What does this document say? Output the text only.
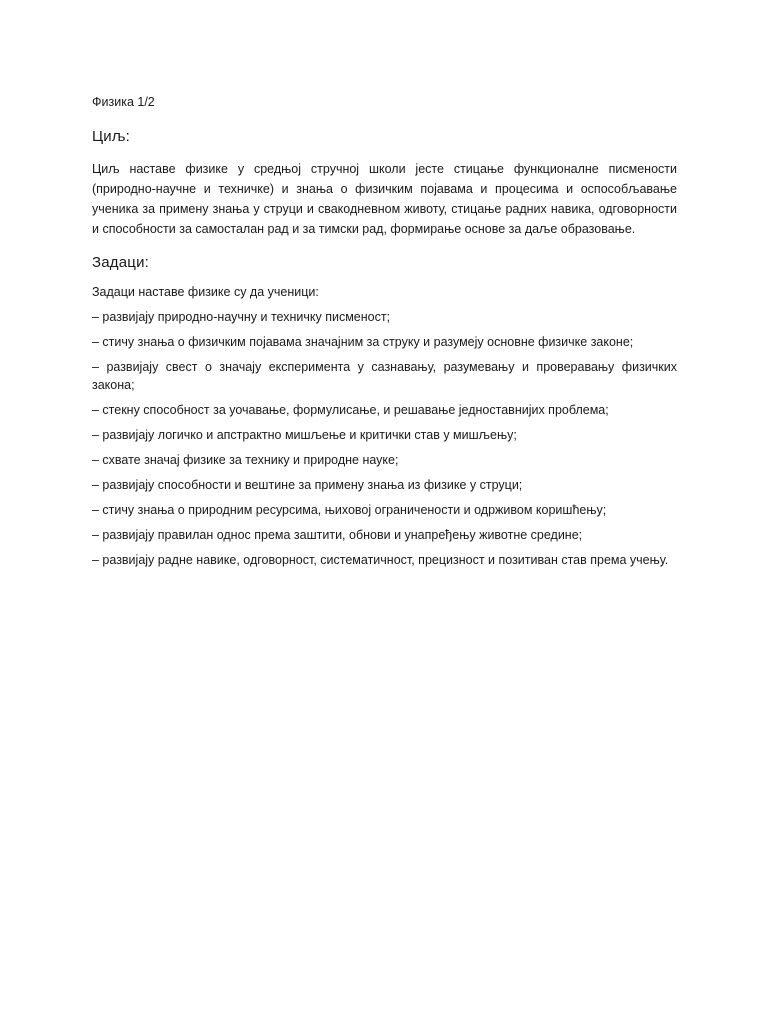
Физика 1/2
Циљ:

Циљ наставе физике у средњој стручној школи јесте стицање функционалне писмености (природно-научне и техничке) и знања о физичким појавама и процесима и оспособљавање ученика за примену знања у струци и свакодневном животу, стицање радних навика, одговорности и способности за самосталан рад и за тимски рад, формирање основе за даље образовање.

Задаци:

Задаци наставе физике су да ученици:

– развијају природно-научну и техничку писменост;
– стичу знања о физичким појавама значајним за струку и разумеју основне физичке законе;
– развијају свест о значају експеримента у сазнавању, разумевању и проверавању физичких закона;
– стекну способност за уочавање, формулисање, и решавање једноставнијих проблема;
– развијају логичко и апстрактно мишљење и критички став у мишљењу;
– схвате значај физике за технику и природне науке;
– развијају способности и вештине за примену знања из физике у струци;
– стичу знања о природним ресурсима, њиховој ограничености и одрживом коришћењу;
– развијају правилан однос према заштити, обнови и унапређењу животне средине;
– развијају радне навике, одговорност, систематичност, прецизност и позитиван став према учењу.
